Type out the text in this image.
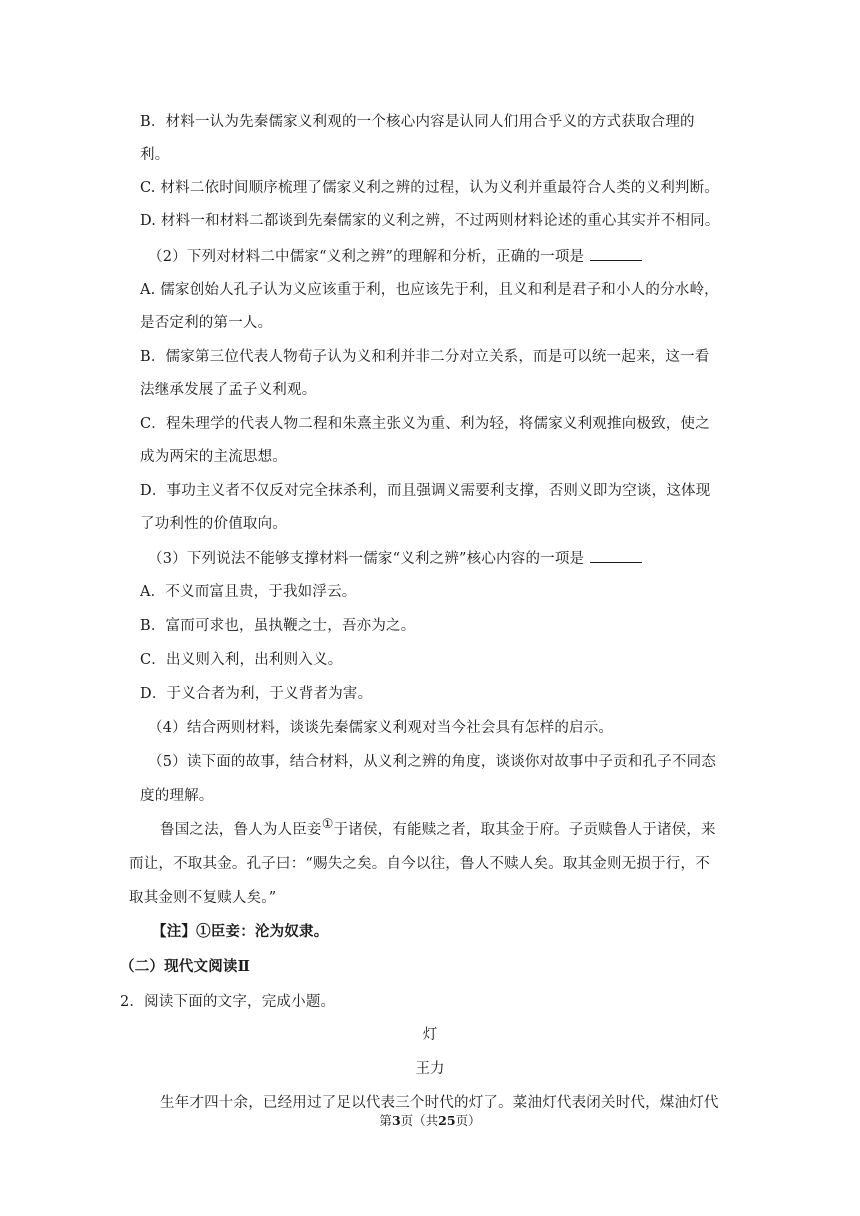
B．材料一认为先秦儒家义利观的一个核心内容是认同人们用合乎义的方式获取合理的
利。
C. 材料二依时间顺序梳理了儒家义利之辨的过程，认为义利并重最符合人类的义利判断。
D. 材料一和材料二都谈到先秦儒家的义利之辨，不过两则材料论述的重心其实并不相同。
（2）下列对材料二中儒家“义利之辨”的理解和分析，正确的一项是
A. 儒家创始人孔子认为义应该重于利，也应该先于利，且义和利是君子和小人的分水岭，
是否定利的第一人。
B．儒家第三位代表人物荀子认为义和利并非二分对立关系，而是可以统一起来，这一看
法继承发展了孟子义利观。
C．程朱理学的代表人物二程和朱熹主张义为重、利为轻，将儒家义利观推向极致，使之
成为两宋的主流思想。
D．事功主义者不仅反对完全抹杀利，而且强调义需要利支撑，否则义即为空谈，这体现
了功利性的价值取向。
（3）下列说法不能够支撑材料一儒家“义利之辨”核心内容的一项是
A．不义而富且贵，于我如浮云。
B．富而可求也，虽执鞭之士，吾亦为之。
C．出义则入利，出利则入义。
D．于义合者为利，于义背者为害。
（4）结合两则材料，谈谈先秦儒家义利观对当今社会具有怎样的启示。
（5）读下面的故事，结合材料，从义利之辨的角度，谈谈你对故事中子贡和孔子不同态
度的理解。
鲁国之法，鲁人为人臣妾①于诸侯，有能赎之者，取其金于府。子贡赎鲁人于诸侯，来
而让，不取其金。孔子曰：“赐失之矣。自今以往，鲁人不赎人矣。取其金则无损于行，不
取其金则不复赎人矣。”
【注】①臣妾：沦为奴隶。
（二）现代文阅读Ⅱ
2．阅读下面的文字，完成小题。
灯
王力
生年才四十余，已经用过了足以代表三个时代的灯了。菜油灯代表闭关时代，煤油灯代
第3页（共25页）
